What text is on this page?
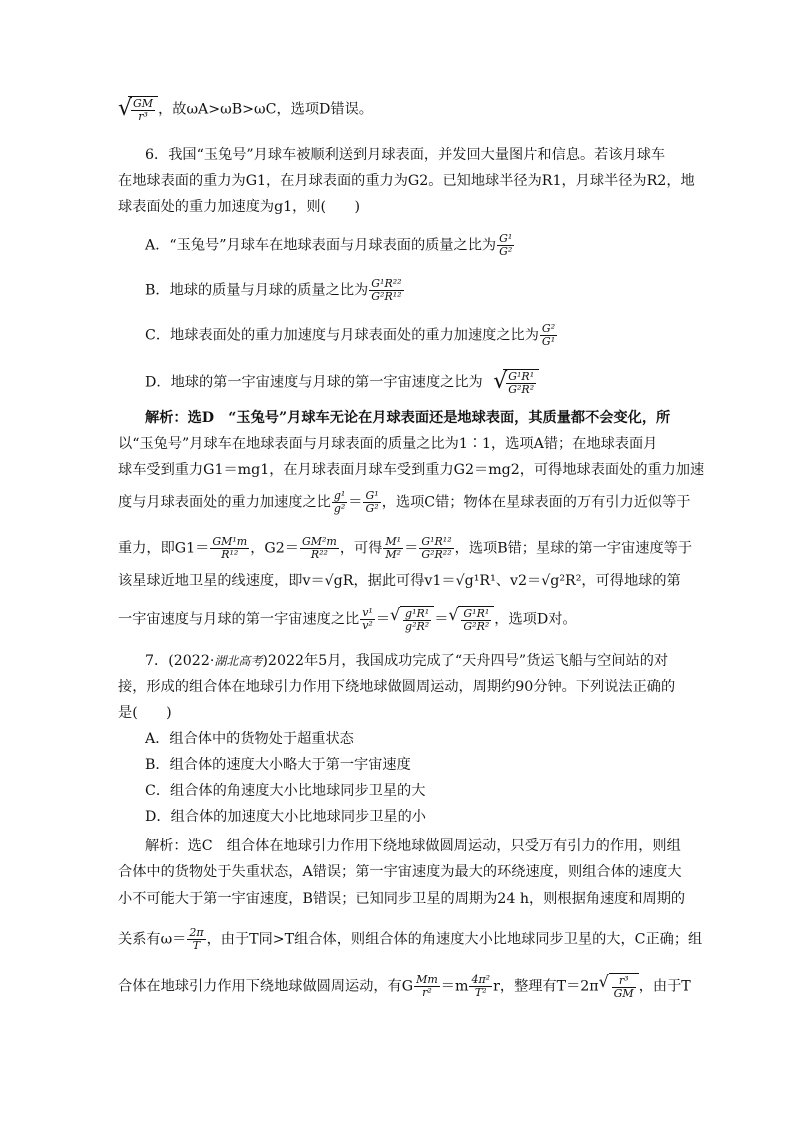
√
$\frac{GM}{\text{r³}}$ ，故ωA>ωB>ωC，选项D错误。
6．我国“玉兔号”月球车被顺利送到月球表面，并发回大量图片和信息。若该月球车
在地球表面的重力为G1，在月球表面的重力为G2。已知地球半径为R1，月球半径为R2，地
球表面处的重力加速度为g1，则(　　)
A．“玉兔号”月球车在地球表面与月球表面的质量之比为 $\frac{\text{G¹}}{\text{G²}}$
B．地球的质量与月球的质量之比为 $\frac{\text{G¹R²²}}{\text{G²R¹²}}$
C．地球表面处的重力加速度与月球表面处的重力加速度之比为 $\frac{\text{G²}}{\text{G¹}}$
D．地球的第一宇宙速度与月球的第一宇宙速度之比为 √
$\frac{\text{G¹R¹}}{\text{G²R²}}$
解析：选D　“玉兔号”月球车无论在月球表面还是地球表面，其质量都不会变化，所
以“玉兔号”月球车在地球表面与月球表面的质量之比为1∶1，选项A错；在地球表面月
球车受到重力G1＝mg1，在月球表面月球车受到重力G2＝mg2，可得地球表面处的重力加速
度与月球表面处的重力加速度之比 $\frac{\text{g¹}}{\text{g²}} = \frac{\text{G¹}}{\text{G²}}$ ，选项C错；物体在星球表面的万有引力近似等于
重力，即$G1= \frac{\text{GM¹m}}{\text{R¹²}}$ ，$G2= \frac{\text{GM²m}}{\text{R²²}}$ ，可得 $\frac{\text{M¹}}{\text{M²}} = \frac{\text{G¹R¹²}}{\text{G²R²²}}$ ，选项B错；星球的第一宇宙速度等于
该星球近地卫星的线速度，即v＝√gR，据此可得v1＝√g¹R¹、v2＝√g²R²，可得地球的第
一宇宙速度与月球的第一宇宙速度之比 $\frac{\text{v¹}}{\text{v²}}$ ＝ √ $\frac{\text{g¹R¹}}{\text{g²R²}}$ ＝ √ $\frac{\text{G¹R¹}}{\text{G²R²}}$ ，选项D对。
7．(2022·湖北高考)2022年5月，我国成功完成了“天舟四号”货运飞船与空间站的对
接，形成的组合体在地球引力作用下绕地球做圆周运动，周期约90分钟。下列说法正确的
是(　　)
A．组合体中的货物处于超重状态
B．组合体的速度大小略大于第一宇宙速度
C．组合体的角速度大小比地球同步卫星的大
D．组合体的加速度大小比地球同步卫星的小
解析：选C　组合体在地球引力作用下绕地球做圆周运动，只受万有引力的作用，则组
合体中的货物处于失重状态，A错误；第一宇宙速度为最大的环绕速度，则组合体的速度大
小不可能大于第一宇宙速度，B错误；已知同步卫星的周期为24 h，则根据角速度和周期的
关系有$\omega= \frac{2\pi}{T}$ ，由于T同>T组合体，则组合体的角速度大小比地球同步卫星的大，C正确；组
合体在地球引力作用下绕地球做圆周运动，有G $\frac{Mm}{\text{r²}} =m \frac{\text{4π²}}{\text{T²}}$ r，整理有T＝2π √ $\frac{\text{r³}}{GM}$ ，由于T
